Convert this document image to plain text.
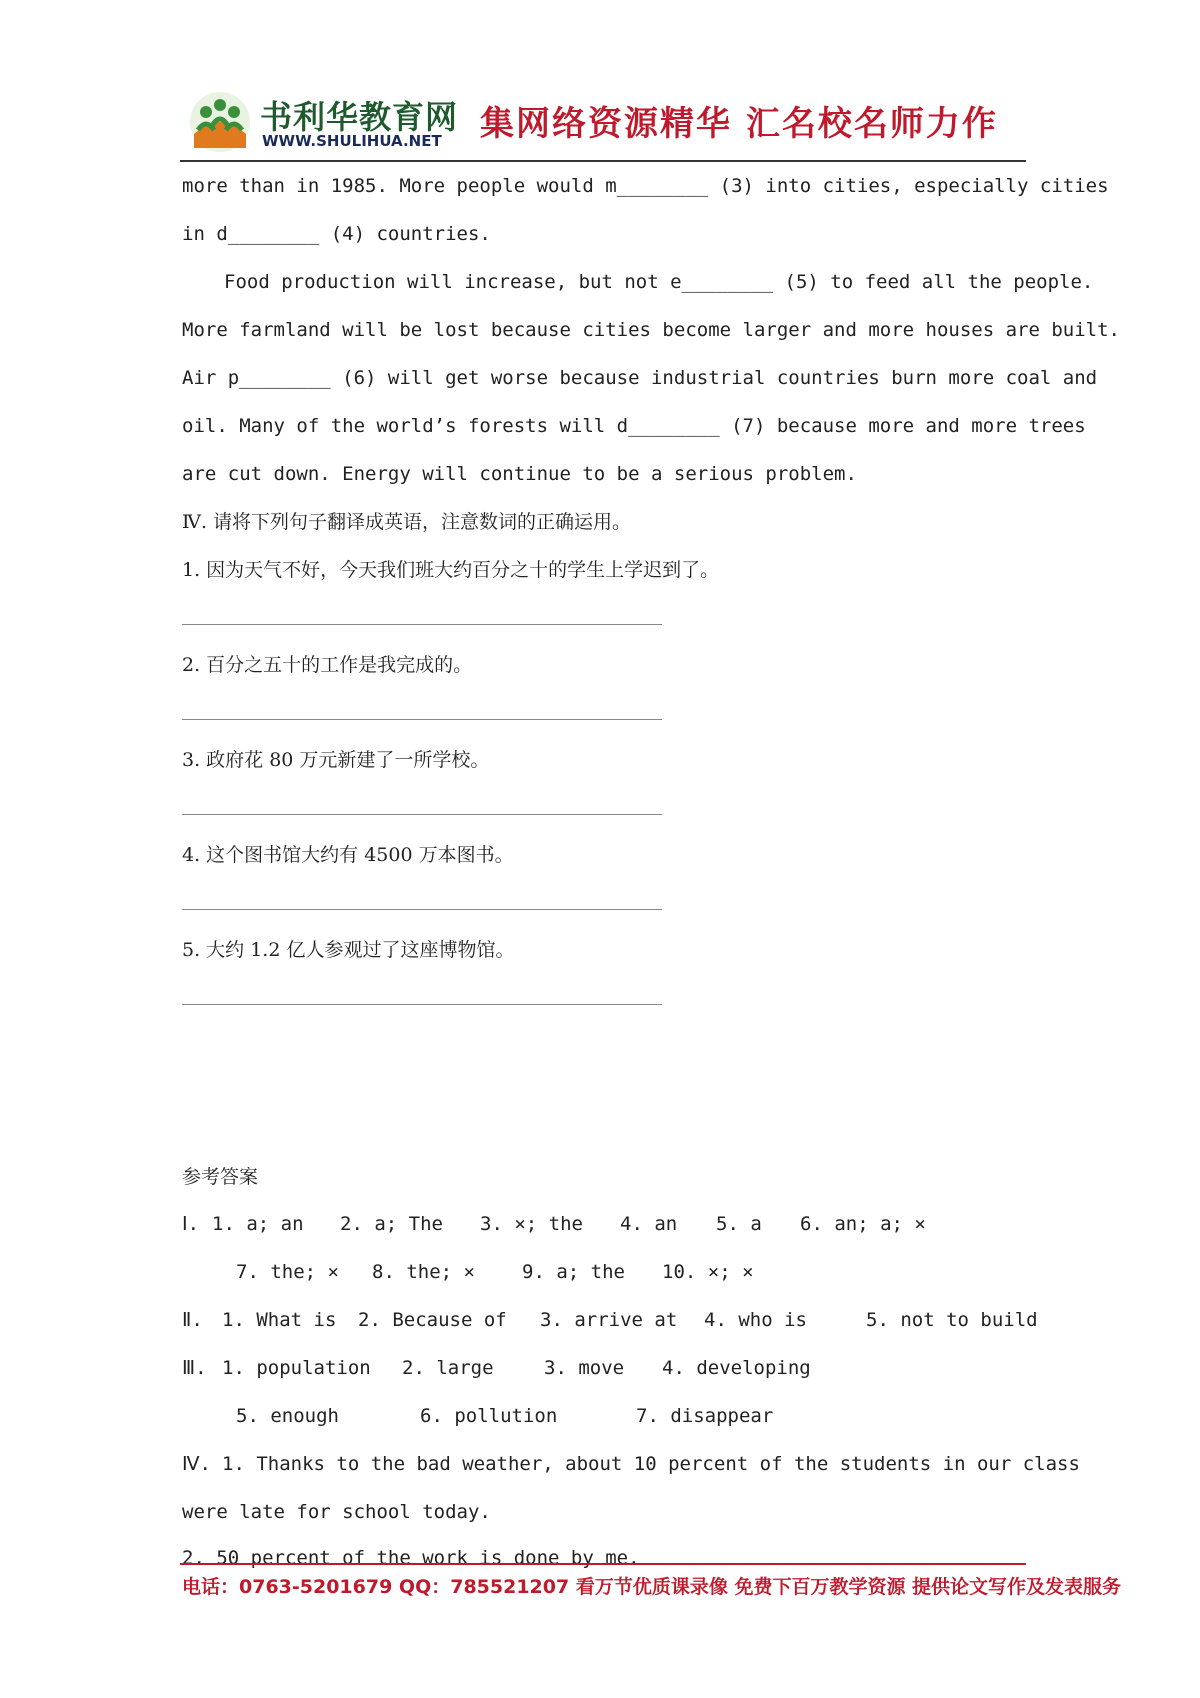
书利华教育网
WWW.SHULIHUA.NET 集网络资源精华 汇名校名师力作
more than in 1985. More people would m________ (3) into cities, especially cities
in d________ (4) countries.
Food production will increase, but not e________ (5) to feed all the people.
More farmland will be lost because cities become larger and more houses are built.
Air p________ (6) will get worse because industrial countries burn more coal and
oil. Many of the world’s forests will d________ (7) because more and more trees
are cut down. Energy will continue to be a serious problem.
Ⅳ. 请将下列句子翻译成英语，注意数词的正确运用。
1. 因为天气不好，今天我们班大约百分之十的学生上学迟到了。
2. 百分之五十的工作是我完成的。
3. 政府花 80 万元新建了一所学校。
4. 这个图书馆大约有 4500 万本图书。
5. 大约 1.2 亿人参观过了这座博物馆。
参考答案
Ⅰ. 1. a; an 2. a; The 3. ×; the 4. an 5. a 6. an; a; ×
7. the; × 8. the; × 9. a; the 10. ×; ×
Ⅱ. 1. What is 2. Because of 3. arrive at 4. who is	5. not to build
Ⅲ. 1. population 2. large	3. move 4. developing
5. enough	6. pollution	7. disappear
Ⅳ. 1. Thanks to the bad weather, about 10 percent of the students in our class
were late for school today.
2. 50 percent of the work is done by me.
电话：0763-5201679 QQ：785521207 看万节优质课录像 免费下百万教学资源 提供论文写作及发表服务
